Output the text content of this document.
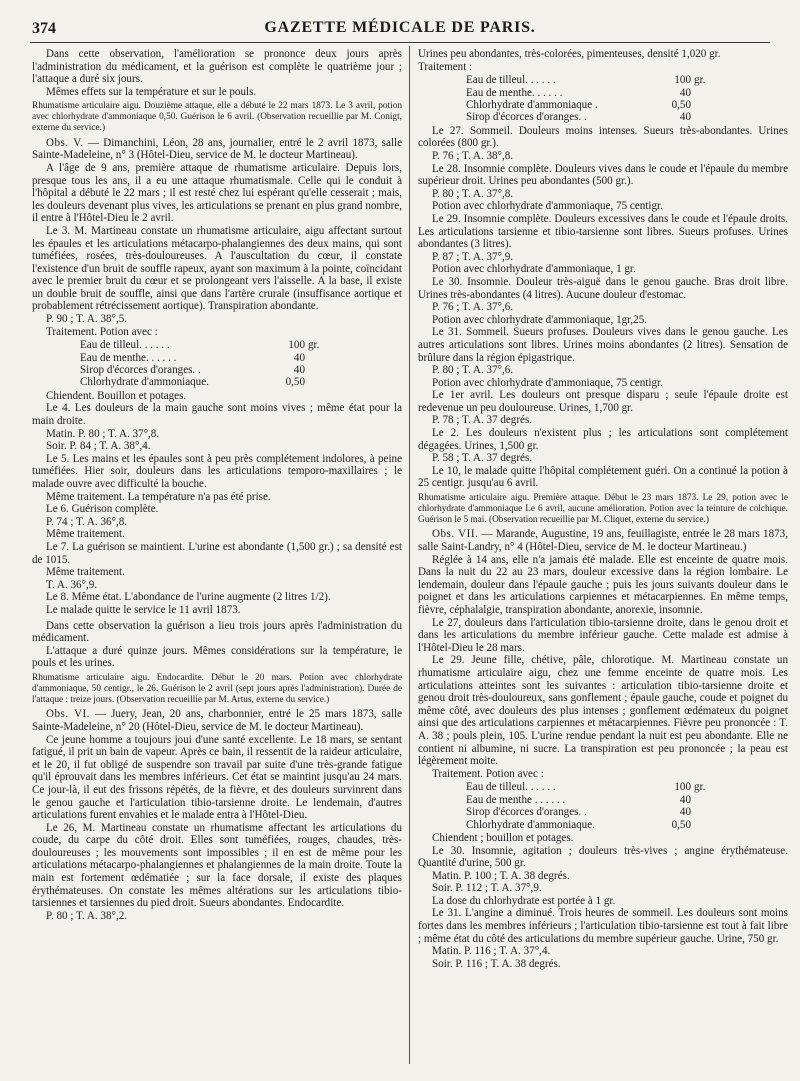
374	GAZETTE MÉDICALE DE PARIS.

Dans cette observation, l'amélioration se prononce deux jours après l'administration du médicament, et la guérison est complète le quatrième jour ; l'attaque a duré six jours.

Mêmes effets sur la température et sur le pouls.

Rhumatisme articulaire aigu. Douzième attaque, elle a débuté le 22 mars 1873. Le 3 avril, potion avec chlorhydrate d'ammoniaque 0,50. Guérison le 6 avril. (Observation recueillie par M. Conigt, externe du service.)

Obs. V. — Dimanchini, Léon, 28 ans, journalier, entré le 2 avril 1873, salle Sainte-Madeleine, n° 3 (Hôtel-Dieu, service de M. le docteur Martineau).

A l'âge de 9 ans, première attaque de rhumatisme articulaire. Depuis lors, presque tous les ans, il a eu une attaque rhumatismale. Celle qui le conduit à l'hôpital a débuté le 22 mars ; il est resté chez lui espérant qu'elle cesserait ; mais, les douleurs devenant plus vives, les articulations se prenant en plus grand nombre, il entre à l'Hôtel-Dieu le 2 avril.

Le 3. M. Martineau constate un rhumatisme articulaire, aigu affectant surtout les épaules et les articulations métacarpo-phalangiennes des deux mains, qui sont tuméfiées, rosées, très-douloureuses. A l'auscultation du cœur, il constate l'existence d'un bruit de souffle rapeux, ayant son maximum à la pointe, coïncidant avec le premier bruit du cœur et se prolongeant vers l'aisselle. A la base, il existe un double bruit de souffle, ainsi que dans l'artère crurale (insuffisance aortique et probablement rétrécissement aortique). Transpiration abondante.

P. 90 ; T. A. 38°,5.

Traitement. Potion avec :

Eau de tilleul. . . . . .	100	gr.
Eau de menthe. . . . . .	40	
Sirop d'écorces d'oranges. .	40	
Chlorhydrate d'ammoniaque.	0,50	

Chiendent. Bouillon et potages.

Le 4. Les douleurs de la main gauche sont moins vives ; même état pour la main droite.

Matin. P. 80 ; T. A. 37°,8.

Soir. P. 84 ; T. A. 38°,4.

Le 5. Les mains et les épaules sont à peu près complétement indolores, à peine tuméfiées. Hier soir, douleurs dans les articulations temporo-maxillaires ; le malade ouvre avec difficulté la bouche.

Même traitement. La température n'a pas été prise.

Le 6. Guérison complète.

P. 74 ; T. A. 36°,8.

Même traitement.

Le 7. La guérison se maintient. L'urine est abondante (1,500 gr.) ; sa densité est de 1015.

Même traitement.

T. A. 36°,9.

Le 8. Même état. L'abondance de l'urine augmente (2 litres 1/2).

Le malade quitte le service le 11 avril 1873.

Dans cette observation la guérison a lieu trois jours après l'administration du médicament.

L'attaque a duré quinze jours. Mêmes considérations sur la température, le pouls et les urines.

Rhumatisme articulaire aigu. Endocardite. Début le 20 mars. Potion avec chlorhydrate d'ammoniaque, 50 centigr., le 26. Guérison le 2 avril (sept jours après l'administration). Durée de l'attaque : treize jours. (Observation recueillie par M. Artus, externe du service.)

Obs. VI. — Juery, Jean, 20 ans, charbonnier, entré le 25 mars 1873, salle Sainte-Madeleine, n° 20 (Hôtel-Dieu, service de M. le docteur Martineau).

Ce jeune homme a toujours joui d'une santé excellente. Le 18 mars, se sentant fatigué, il prit un bain de vapeur. Après ce bain, il ressentit de la raideur articulaire, et le 20, il fut obligé de suspendre son travail par suite d'une très-grande fatigue qu'il éprouvait dans les membres inférieurs. Cet état se maintint jusqu'au 24 mars. Ce jour-là, il eut des frissons répétés, de la fièvre, et des douleurs survinrent dans le genou gauche et l'articulation tibio-tarsienne droite. Le lendemain, d'autres articulations furent envahies et le malade entra à l'Hôtel-Dieu.

Le 26, M. Martineau constate un rhumatisme affectant les articulations du coude, du carpe du côté droit. Elles sont tuméfiées, rouges, chaudes, très-douloureuses ; les mouvements sont impossibles ; il en est de même pour les articulations métacarpo-phalangiennes et phalangiennes de la main droite. Toute la main est fortement œdématiée ; sur la face dorsale, il existe des plaques érythémateuses. On constate les mêmes altérations sur les articulations tibio-tarsiennes et tarsiennes du pied droit. Sueurs abondantes. Endocardite.

P. 80 ; T. A. 38°,2.

Urines peu abondantes, très-colorées, pimenteuses, densité 1,020 gr.

Traitement :

Eau de tilleul. . . . . .	100	gr.
Eau de menthe. . . . . .	40	
Chlorhydrate d'ammoniaque .	0,50	
Sirop d'écorces d'oranges. .	40	

Le 27. Sommeil. Douleurs moins intenses. Sueurs très-abondantes. Urines colorées (800 gr.).

P. 76 ; T. A. 38°,8.

Le 28. Insomnie complète. Douleurs vives dans le coude et l'épaule du membre supérieur droit. Urines peu abondantes (500 gr.).

P. 80 ; T. A. 37°,8.

Potion avec chlorhydrate d'ammoniaque, 75 centigr.

Le 29. Insomnie complète. Douleurs excessives dans le coude et l'épaule droits. Les articulations tarsienne et tibio-tarsienne sont libres. Sueurs profuses. Urines abondantes (3 litres).

P. 87 ; T. A. 37°,9.

Potion avec chlorhydrate d'ammoniaque, 1 gr.

Le 30. Insomnie. Douleur très-aiguë dans le genou gauche. Bras droit libre. Urines très-abondantes (4 litres). Aucune douleur d'estomac.

P. 76 ; T. A. 37°,6.

Potion avec chlorhydrate d'ammoniaque, 1gr,25.

Le 31. Sommeil. Sueurs profuses. Douleurs vives dans le genou gauche. Les autres articulations sont libres. Urines moins abondantes (2 litres). Sensation de brûlure dans la région épigastrique.

P. 80 ; T. A. 37°,6.

Potion avec chlorhydrate d'ammoniaque, 75 centigr.

Le 1er avril. Les douleurs ont presque disparu ; seule l'épaule droite est redevenue un peu douloureuse. Urines, 1,700 gr.

P. 78 ; T. A. 37 degrés.

Le 2. Les douleurs n'existent plus ; les articulations sont complétement dégagées. Urines, 1,500 gr.

P. 58 ; T. A. 37 degrés.

Le 10, le malade quitte l'hôpital complétement guéri. On a continué la potion à 25 centigr. jusqu'au 6 avril.

Rhumatisme articulaire aigu. Première attaque. Début le 23 mars 1873. Le 29, potion avec le chlorhydrate d'ammoniaque Le 6 avril, aucune amélioration. Potion avec la teinture de colchique. Guérison le 5 mai. (Observation recueillie par M. Cliquet, externe du service.)

Obs. VII. — Marande, Augustine, 19 ans, feuillagiste, entrée le 28 mars 1873, salle Saint-Landry, n° 4 (Hôtel-Dieu, service de M. le docteur Martineau.)

Réglée à 14 ans, elle n'a jamais été malade. Elle est enceinte de quatre mois. Dans la nuit du 22 au 23 mars, douleur excessive dans la région lombaire. Le lendemain, douleur dans l'épaule gauche ; puis les jours suivants douleur dans le poignet et dans les articulations carpiennes et métacarpiennes. En même temps, fièvre, céphalalgie, transpiration abondante, anorexie, insomnie.

Le 27, douleurs dans l'articulation tibio-tarsienne droite, dans le genou droit et dans les articulations du membre inférieur gauche. Cette malade est admise à l'Hôtel-Dieu le 28 mars.

Le 29. Jeune fille, chétive, pâle, chlorotique. M. Martineau constate un rhumatisme articulaire aigu, chez une femme enceinte de quatre mois. Les articulations atteintes sont les suivantes : articulation tibio-tarsienne droite et genou droit très-douloureux, sans gonflement ; épaule gauche, coude et poignet du même côté, avec douleurs des plus intenses ; gonflement œdémateux du poignet ainsi que des articulations carpiennes et métacarpiennes. Fièvre peu prononcée : T. A. 38 ; pouls plein, 105. L'urine rendue pendant la nuit est peu abondante. Elle ne contient ni albumine, ni sucre. La transpiration est peu prononcée ; la peau est légèrement moite.

Traitement. Potion avec :

Eau de tilleul. . . . . .	100	gr.
Eau de menthe . . . . . .	40	
Sirop d'écorces d'oranges. .	40	
Chlorhydrate d'ammoniaque.	0,50	

Chiendent ; bouillon et potages.

Le 30. Insomnie, agitation ; douleurs très-vives ; angine érythémateuse. Quantité d'urine, 500 gr.

Matin. P. 100 ; T. A. 38 degrés.

Soir. P. 112 ; T. A. 37°,9.

La dose du chlorhydrate est portée à 1 gr.

Le 31. L'angine a diminué. Trois heures de sommeil. Les douleurs sont moins fortes dans les membres inférieurs ; l'articulation tibio-tarsienne est tout à fait libre ; même état du côté des articulations du membre supérieur gauche. Urine, 750 gr.

Matin. P. 116 ; T. A. 37°,4.

Soir. P. 116 ; T. A. 38 degrés.
